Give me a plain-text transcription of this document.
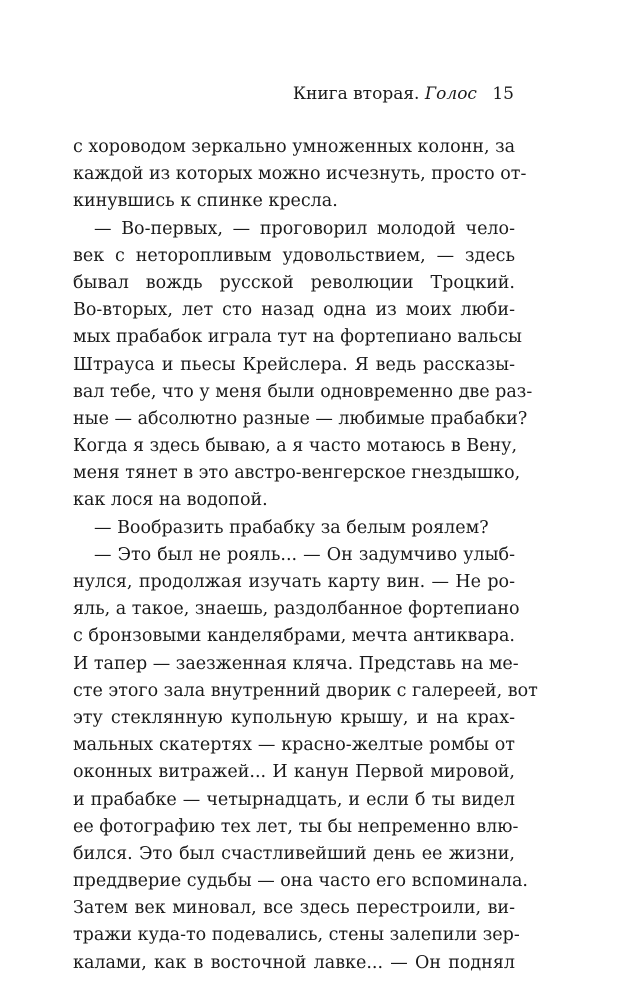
Книга вторая. Голос 15
с хороводом зеркально умноженных колонн, за
каждой из которых можно исчезнуть, просто от-
кинувшись к спинке кресла.
— Во-первых, — проговорил молодой чело-
век с неторопливым удовольствием, — здесь
бывал вождь русской революции Троцкий.
Во-вторых, лет сто назад одна из моих люби-
мых прабабок играла тут на фортепиано вальсы
Штрауса и пьесы Крейслера. Я ведь рассказы-
вал тебе, что у меня были одновременно две раз-
ные — абсолютно разные — любимые прабабки?
Когда я здесь бываю, а я часто мотаюсь в Вену,
меня тянет в это австро-венгерское гнездышко,
как лося на водопой.
— Вообразить прабабку за белым роялем?
— Это был не рояль... — Он задумчиво улыб-
нулся, продолжая изучать карту вин. — Не ро-
яль, а такое, знаешь, раздолбанное фортепиано
с бронзовыми канделябрами, мечта антиквара.
И тапер — заезженная кляча. Представь на ме-
сте этого зала внутренний дворик с галереей, вот
эту стеклянную купольную крышу, и на крах-
мальных скатертях — красно-желтые ромбы от
оконных витражей... И канун Первой мировой,
и прабабке — четырнадцать, и если б ты видел
ее фотографию тех лет, ты бы непременно влю-
бился. Это был счастливейший день ее жизни,
преддверие судьбы — она часто его вспоминала.
Затем век миновал, все здесь перестроили, ви-
тражи куда-то подевались, стены залепили зер-
калами, как в восточной лавке... — Он поднял
